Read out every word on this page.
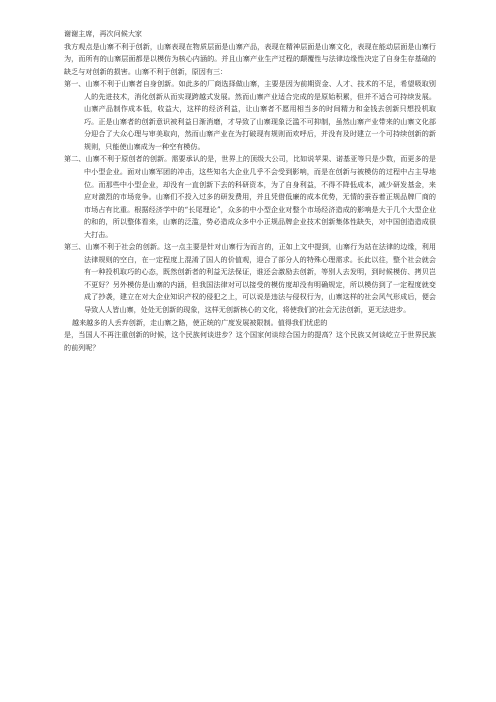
谢谢主席，再次问候大家

我方观点是山寨不利于创新，山寨表现在物质层面是山寨产品，表现在精神层面是山寨文化，表现在能动层面是山寨行为，而所有的山寨层面都是以模仿为核心内涵的。并且山寨产业生产过程的颠覆性与法律边缘性决定了自身生存基础的缺乏与对创新的损害。山寨不利于创新，原因有三：

第一、山寨不利于山寨者自身创新。如此多的厂商选择做山寨，主要是因为前期资金、人才、技术的不足，希望吸取别人的先进技术，消化创新从而实现跨越式发展。然而山寨产业适合完成的是原始积累，但并不适合可持续发展。山寨产品制作成本低，收益大，这样的经济利益，让山寨者不愿用相当多的时间精力和金钱去创新只想投机取巧。正是山寨者的创新意识被利益日渐消磨，才导致了山寨现象泛滥不可抑制，虽然山寨产业带来的山寨文化部分迎合了大众心理与审美取向，然而山寨产业在为打破现有规则而欢呼后，并没有及时建立一个可持续创新的新规则，只能使山寨成为一种空有模仿。

第二、山寨不利于原创者的创新。需要承认的是，世界上的顶级大公司，比如说苹果、诺基亚等只是少数，而更多的是中小型企业。面对山寨军团的冲击，这些知名大企业几乎不会受到影响，而是在创新与被模仿的过程中占主导地位。而那些中小型企业，却没有一直创新下去的科研资本，为了自身利益，不得不降低成本，减少研发基金，来应对激烈的市场竞争。山寨们不投入过多的研发费用，并且凭借低廉的成本优势，无情的蚕吞着正规品牌厂商的市场占有比重。根据经济学中的“长尾理论”，众多的中小型企业对整个市场经济造成的影响是大于几个大型企业的和的，所以整体看来，山寨的泛滥，势必造成众多中小正规品牌企业技术创新集体性缺失，对中国创造造成很大打击。

第三、山寨不利于社会的创新。这一点主要是针对山寨行为而言的，正如上文中提到，山寨行为站在法律的边缘，利用法律规则的空白，在一定程度上混淆了国人的价值观，迎合了部分人的特殊心理需求。长此以往，整个社会就会有一种投机取巧的心态，既然创新者的利益无法保证，谁还会激励去创新，等别人去发明，到时候模仿、拷贝岂不更好？另外模仿是山寨的内涵，但我国法律对可以接受的模仿度却没有明确规定，所以模仿到了一定程度就变成了抄袭，建立在对大企业知识产权的侵犯之上，可以说是违法与侵权行为，山寨这样的社会风气形成后，便会导致人人皆山寨，处处无创新的现象，这样无创新核心的文化，将使我们的社会无法创新，更无法进步。

越来越多的人丢弃创新，走山寨之路，使正统的广度发展被限制。值得我们忧虑的

是，当国人不再注重创新的时候，这个民族何谈进步？这个国家何谈综合国力的提高？这个民族又何谈屹立于世界民族的前列呢？
